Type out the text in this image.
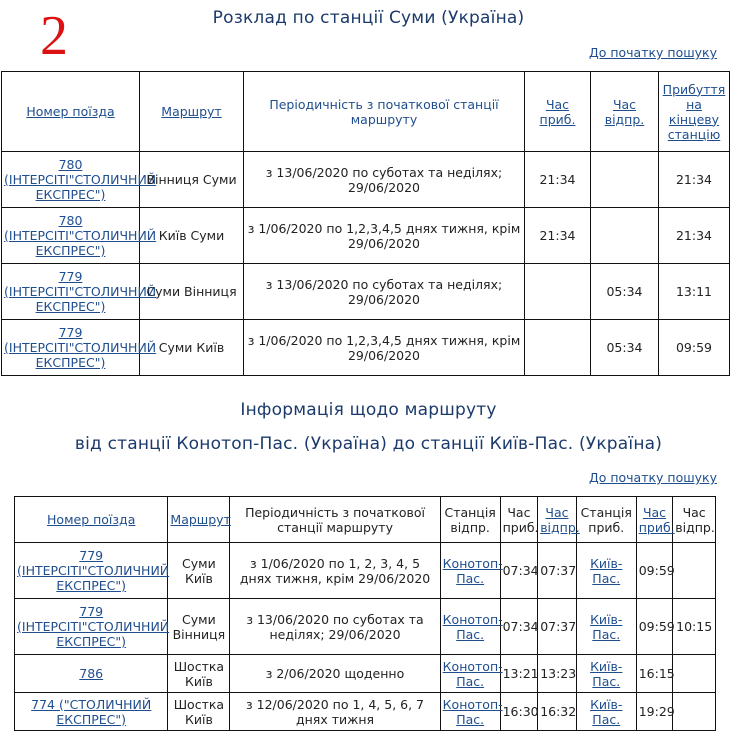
2	Розклад по станції Суми (Україна)
До початку пошуку
Номер поїзда	Маршрут	Періодичність з початкової станції маршруту	Час приб.	Час відпр.	Прибуття на кінцеву станцію
780 (ІНТЕРСІТІ"СТОЛИЧНИЙ ЕКСПРЕС")	Вінниця Суми	з 13/06/2020 по суботах та неділях; 29/06/2020	21:34		21:34
780 (ІНТЕРСІТІ"СТОЛИЧНИЙ ЕКСПРЕС")	Київ Суми	з 1/06/2020 по 1,2,3,4,5 днях тижня, крім 29/06/2020	21:34		21:34
779 (ІНТЕРСІТІ"СТОЛИЧНИЙ ЕКСПРЕС")	Суми Вінниця	з 13/06/2020 по суботах та неділях; 29/06/2020		05:34	13:11
779 (ІНТЕРСІТІ"СТОЛИЧНИЙ ЕКСПРЕС")	Суми Київ	з 1/06/2020 по 1,2,3,4,5 днях тижня, крім 29/06/2020		05:34	09:59
Інформація щодо маршруту
від станції Конотоп-Пас. (Україна) до станції Київ-Пас. (Україна)
До початку пошуку
Номер поїзда	Маршрут	Періодичність з початкової станції маршруту	Станція відпр.	Час приб.	Час відпр.	Станція приб.	Час приб.	Час відпр.
779 (ІНТЕРСІТІ"СТОЛИЧНИЙ ЕКСПРЕС")	Суми Київ	з 1/06/2020 по 1, 2, 3, 4, 5 днях тижня, крім 29/06/2020	Конотоп-Пас.	07:34	07:37	Київ-Пас.	09:59	
779 (ІНТЕРСІТІ"СТОЛИЧНИЙ ЕКСПРЕС")	Суми Вінниця	з 13/06/2020 по суботах та неділях; 29/06/2020	Конотоп-Пас.	07:34	07:37	Київ-Пас.	09:59	10:15
786	Шостка Київ	з 2/06/2020 щоденно	Конотоп-Пас.	13:21	13:23	Київ-Пас.	16:15	
774 ("СТОЛИЧНИЙ ЕКСПРЕС")	Шостка Київ	з 12/06/2020 по 1, 4, 5, 6, 7 днях тижня	Конотоп-Пас.	16:30	16:32	Київ-Пас.	19:29	
